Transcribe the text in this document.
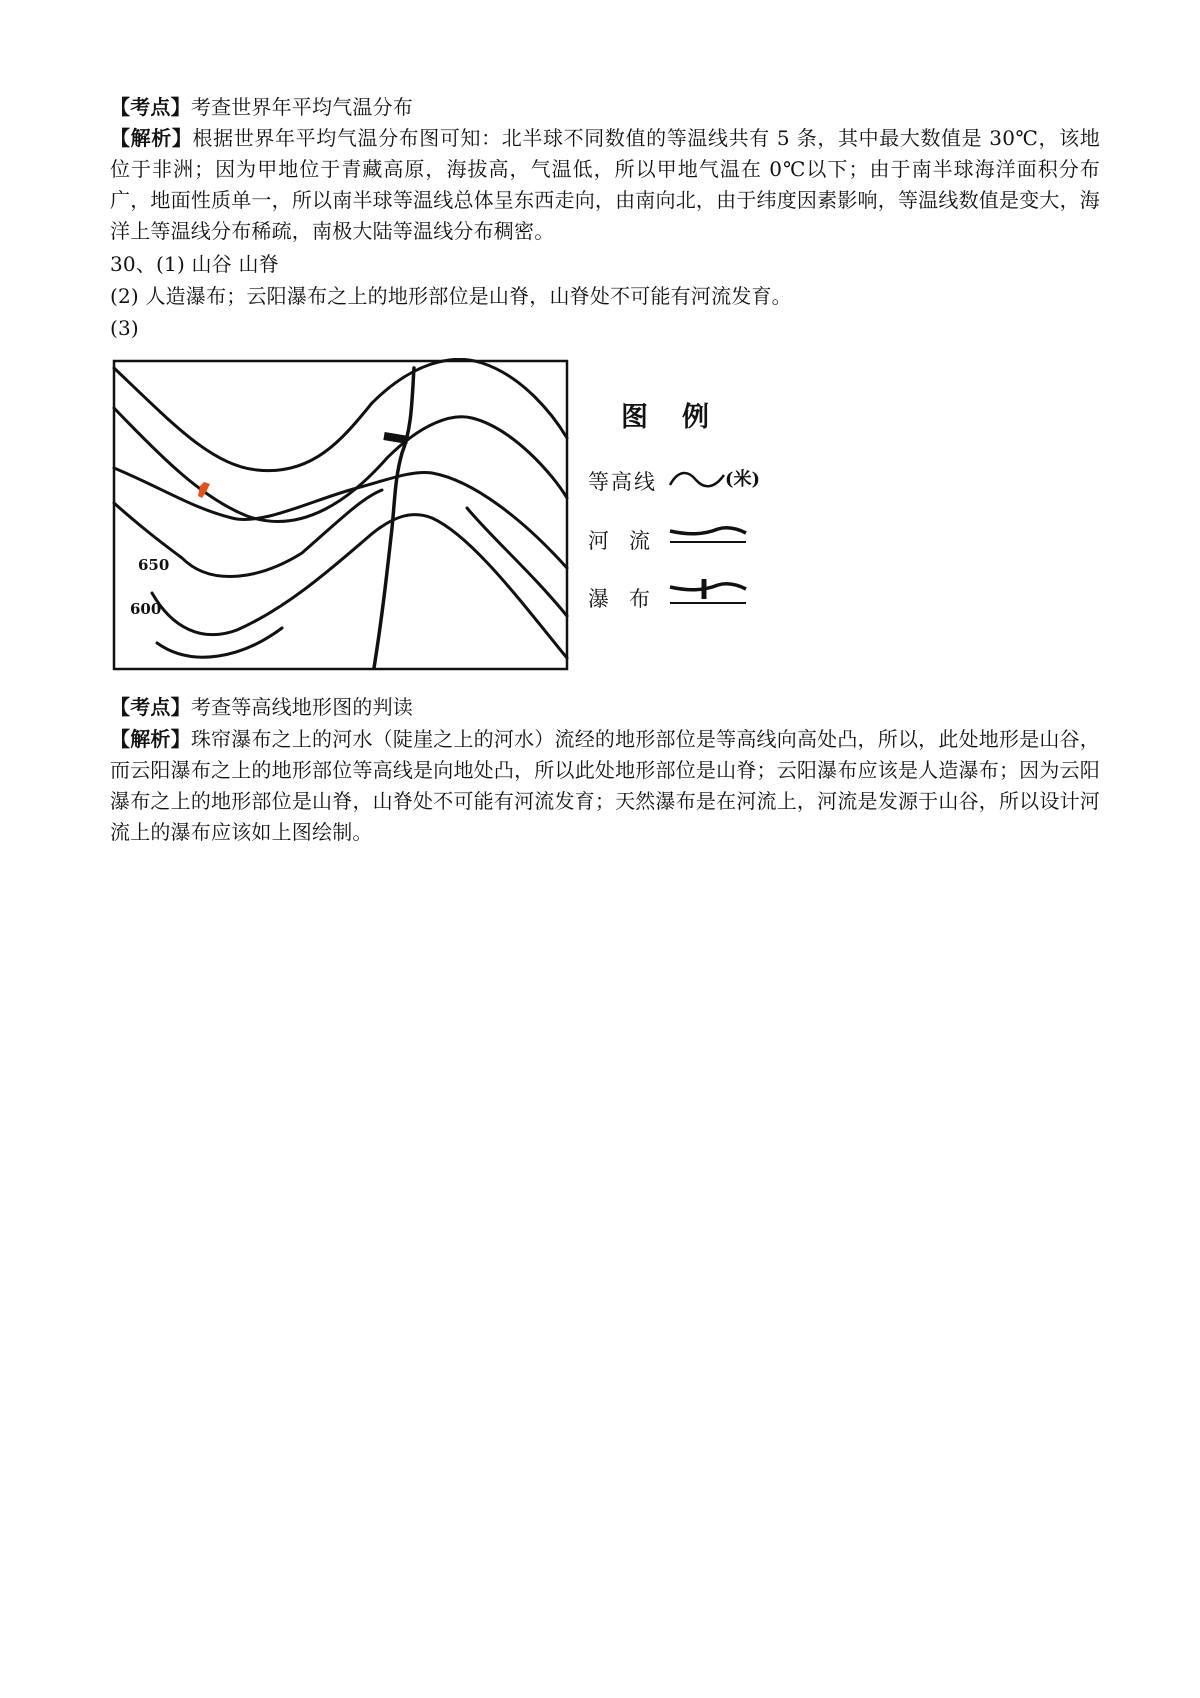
【考点】考查世界年平均气温分布
【解析】根据世界年平均气温分布图可知：北半球不同数值的等温线共有 5 条，其中最大数值是 30℃，该地位于非洲；因为甲地位于青藏高原，海拔高，气温低，所以甲地气温在 0℃以下；由于南半球海洋面积分布广，地面性质单一，所以南半球等温线总体呈东西走向，由南向北，由于纬度因素影响，等温线数值是变大，海洋上等温线分布稀疏，南极大陆等温线分布稠密。
30、(1) 山谷 山脊
(2) 人造瀑布；云阳瀑布之上的地形部位是山脊，山脊处不可能有河流发育。
(3)
650
600
图例
等高线	(米)
河流
瀑布
【考点】考查等高线地形图的判读
【解析】珠帘瀑布之上的河水（陡崖之上的河水）流经的地形部位是等高线向高处凸，所以，此处地形是山谷，而云阳瀑布之上的地形部位等高线是向地处凸，所以此处地形部位是山脊；云阳瀑布应该是人造瀑布；因为云阳瀑布之上的地形部位是山脊，山脊处不可能有河流发育；天然瀑布是在河流上，河流是发源于山谷，所以设计河流上的瀑布应该如上图绘制。
